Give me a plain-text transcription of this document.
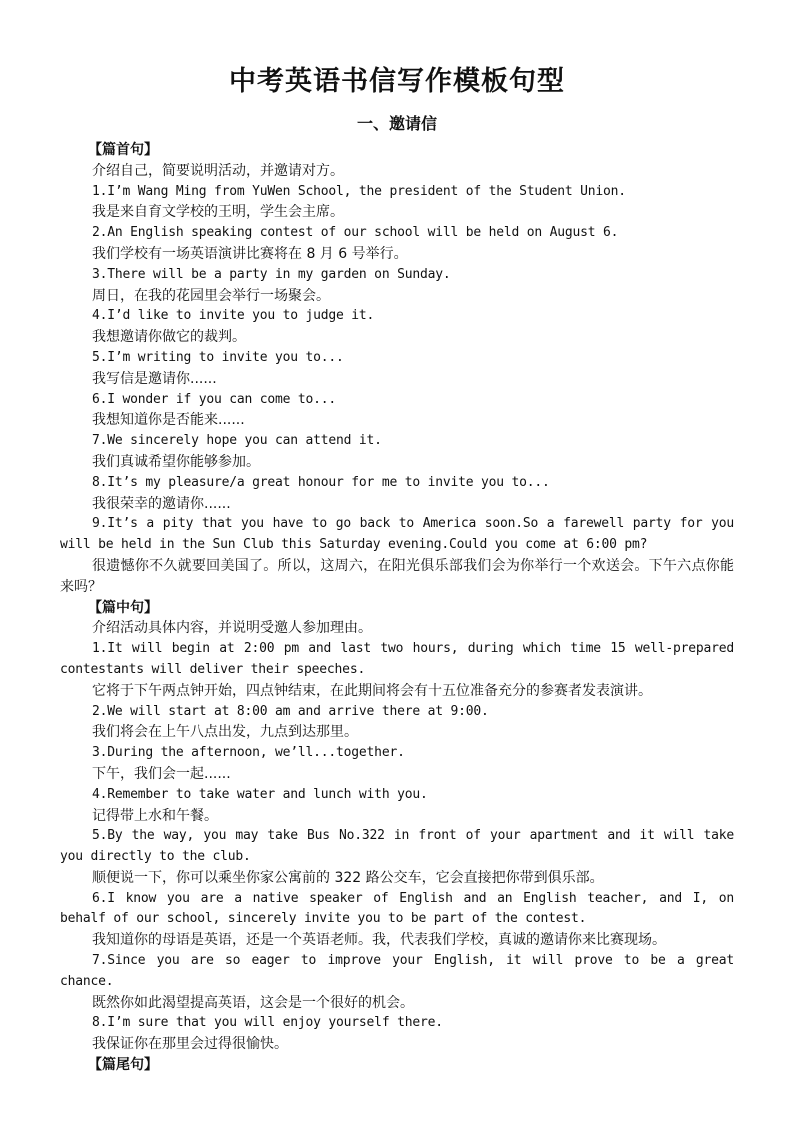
中考英语书信写作模板句型
一、邀请信

【篇首句】

介绍自己，简要说明活动，并邀请对方。

1.I’m Wang Ming from YuWen School, the president of the Student Union.

我是来自育文学校的王明，学生会主席。

2.An English speaking contest of our school will be held on August 6.

我们学校有一场英语演讲比赛将在 8 月 6 号举行。

3.There will be a party in my garden on Sunday.

周日，在我的花园里会举行一场聚会。

4.I’d like to invite you to judge it.

我想邀请你做它的裁判。

5.I’m writing to invite you to...

我写信是邀请你......

6.I wonder if you can come to...

我想知道你是否能来......

7.We sincerely hope you can attend it.

我们真诚希望你能够参加。

8.It’s my pleasure/a great honour for me to invite you to...

我很荣幸的邀请你......

9.It’s a pity that you have to go back to America soon.So a farewell party for you will be held in the Sun Club this Saturday evening.Could you come at 6:00 pm?

很遗憾你不久就要回美国了。所以，这周六，在阳光俱乐部我们会为你举行一个欢送会。下午六点你能来吗？

【篇中句】

介绍活动具体内容，并说明受邀人参加理由。

1.It will begin at 2:00 pm and last two hours, during which time 15 well-prepared contestants will deliver their speeches.

它将于下午两点钟开始，四点钟结束，在此期间将会有十五位准备充分的参赛者发表演讲。

2.We will start at 8:00 am and arrive there at 9:00.

我们将会在上午八点出发，九点到达那里。

3.During the afternoon, we’ll...together.

下午，我们会一起......

4.Remember to take water and lunch with you.

记得带上水和午餐。

5.By the way, you may take Bus No.322 in front of your apartment and it will take you directly to the club.

顺便说一下，你可以乘坐你家公寓前的 322 路公交车，它会直接把你带到俱乐部。

6.I know you are a native speaker of English and an English teacher, and I, on behalf of our school, sincerely invite you to be part of the contest.

我知道你的母语是英语，还是一个英语老师。我，代表我们学校，真诚的邀请你来比赛现场。

7.Since you are so eager to improve your English, it will prove to be a great chance.

既然你如此渴望提高英语，这会是一个很好的机会。

8.I’m sure that you will enjoy yourself there.

我保证你在那里会过得很愉快。

【篇尾句】
